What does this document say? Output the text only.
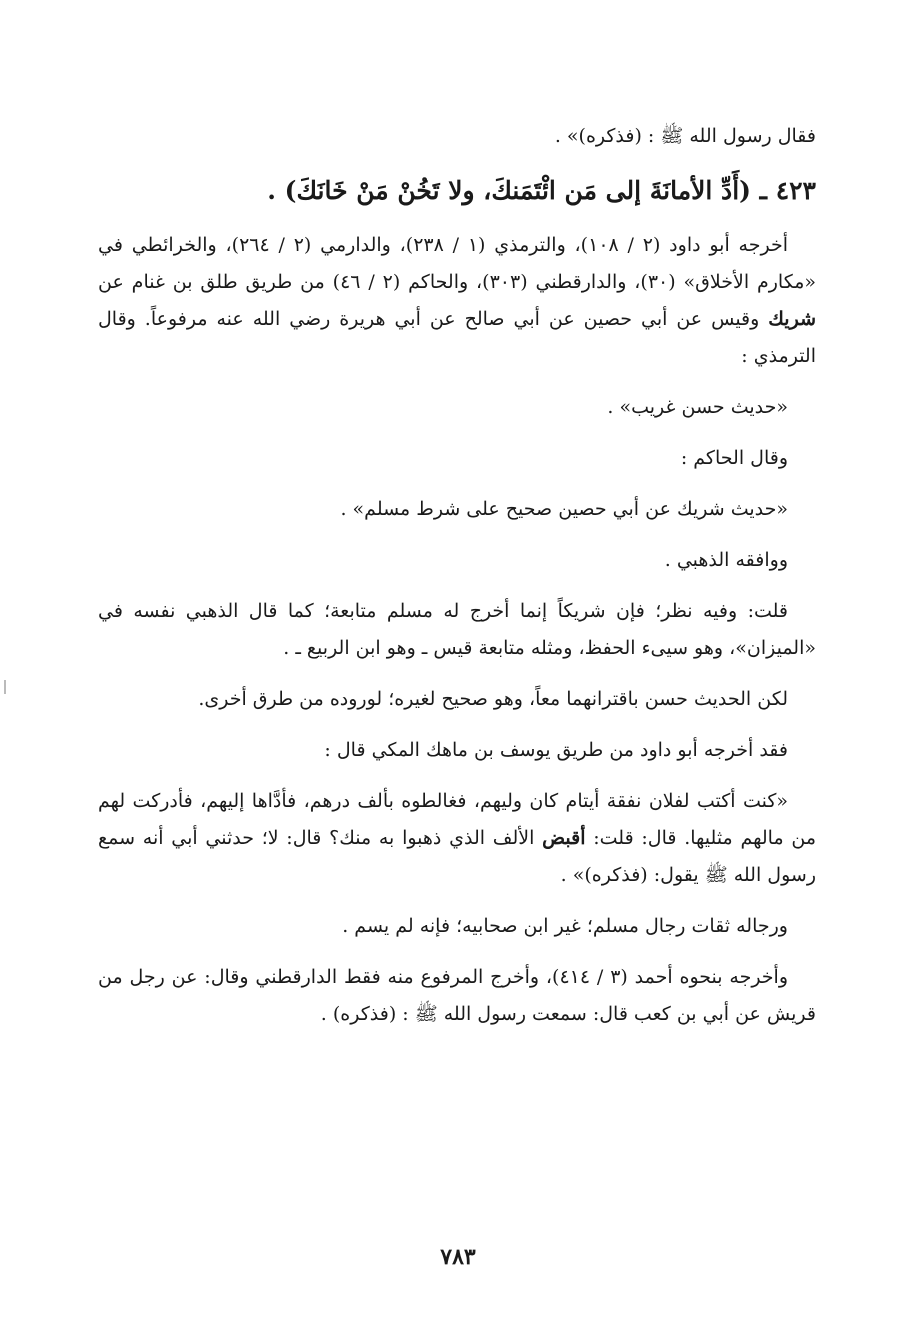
فقال رسول الله ﷺ : (فذكره)» .

٤٢٣ ـ (أَدِّ الأمانَةَ إلى مَن ائْتَمَنكَ، ولا تَخُنْ مَنْ خَانَكَ) .

أخرجه أبو داود (٢ / ١٠٨)، والترمذي (١ / ٢٣٨)، والدارمي (٢ / ٢٦٤)، والخرائطي في «مكارم الأخلاق» (٣٠)، والدارقطني (٣٠٣)، والحاكم (٢ / ٤٦) من طريق طلق بن غنام عن شريك وقيس عن أبي حصين عن أبي صالح عن أبي هريرة رضي الله عنه مرفوعاً. وقال الترمذي :

«حديث حسن غريب» .

وقال الحاكم :

«حديث شريك عن أبي حصين صحيح على شرط مسلم» .

ووافقه الذهبي .

قلت: وفيه نظر؛ فإن شريكاً إنما أخرج له مسلم متابعة؛ كما قال الذهبي نفسه في «الميزان»، وهو سيىء الحفظ، ومثله متابعة قيس ـ وهو ابن الربيع ـ .

لكن الحديث حسن باقترانهما معاً، وهو صحيح لغيره؛ لوروده من طرق أخرى.

فقد أخرجه أبو داود من طريق يوسف بن ماهك المكي قال :

«كنت أكتب لفلان نفقة أيتام كان وليهم، فغالطوه بألف درهم، فأدَّاها إليهم، فأدركت لهم من مالهم مثليها. قال: قلت: أقبض الألف الذي ذهبوا به منك؟ قال: لا؛ حدثني أبي أنه سمع رسول الله ﷺ يقول: (فذكره)» .

ورجاله ثقات رجال مسلم؛ غير ابن صحابيه؛ فإنه لم يسم .

وأخرجه بنحوه أحمد (٣ / ٤١٤)، وأخرج المرفوع منه فقط الدارقطني وقال: عن رجل من قريش عن أبي بن كعب قال: سمعت رسول الله ﷺ : (فذكره) .

٧٨٣
